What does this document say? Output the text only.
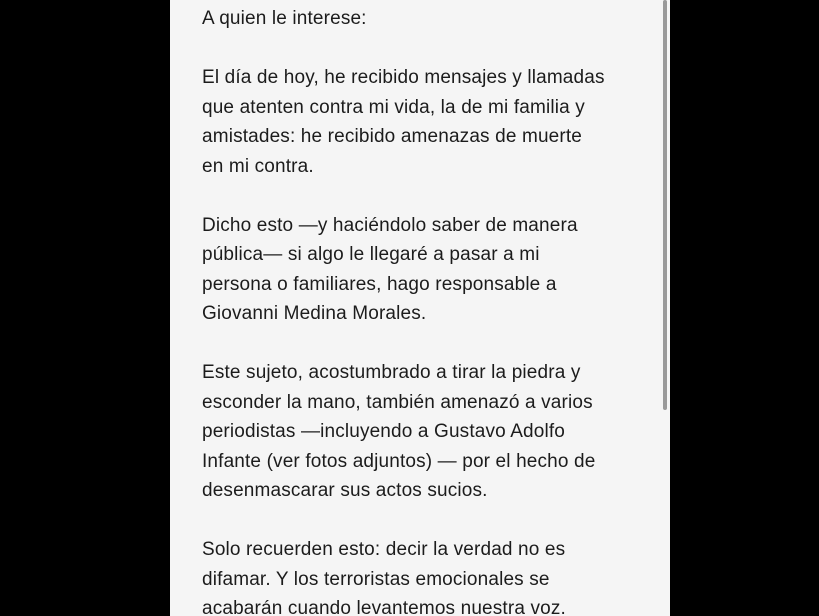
A quien le interese:

El día de hoy, he recibido mensajes y llamadas
que atenten contra mi vida, la de mi familia y
amistades: he recibido amenazas de muerte
en mi contra.

Dicho esto —y haciéndolo saber de manera
pública— si algo le llegaré a pasar a mi
persona o familiares, hago responsable a
Giovanni Medina Morales.

Este sujeto, acostumbrado a tirar la piedra y
esconder la mano, también amenazó a varios
periodistas —incluyendo a Gustavo Adolfo
Infante (ver fotos adjuntos) — por el hecho de
desenmascarar sus actos sucios.

Solo recuerden esto: decir la verdad no es
difamar. Y los terroristas emocionales se
acabarán cuando levantemos nuestra voz.
